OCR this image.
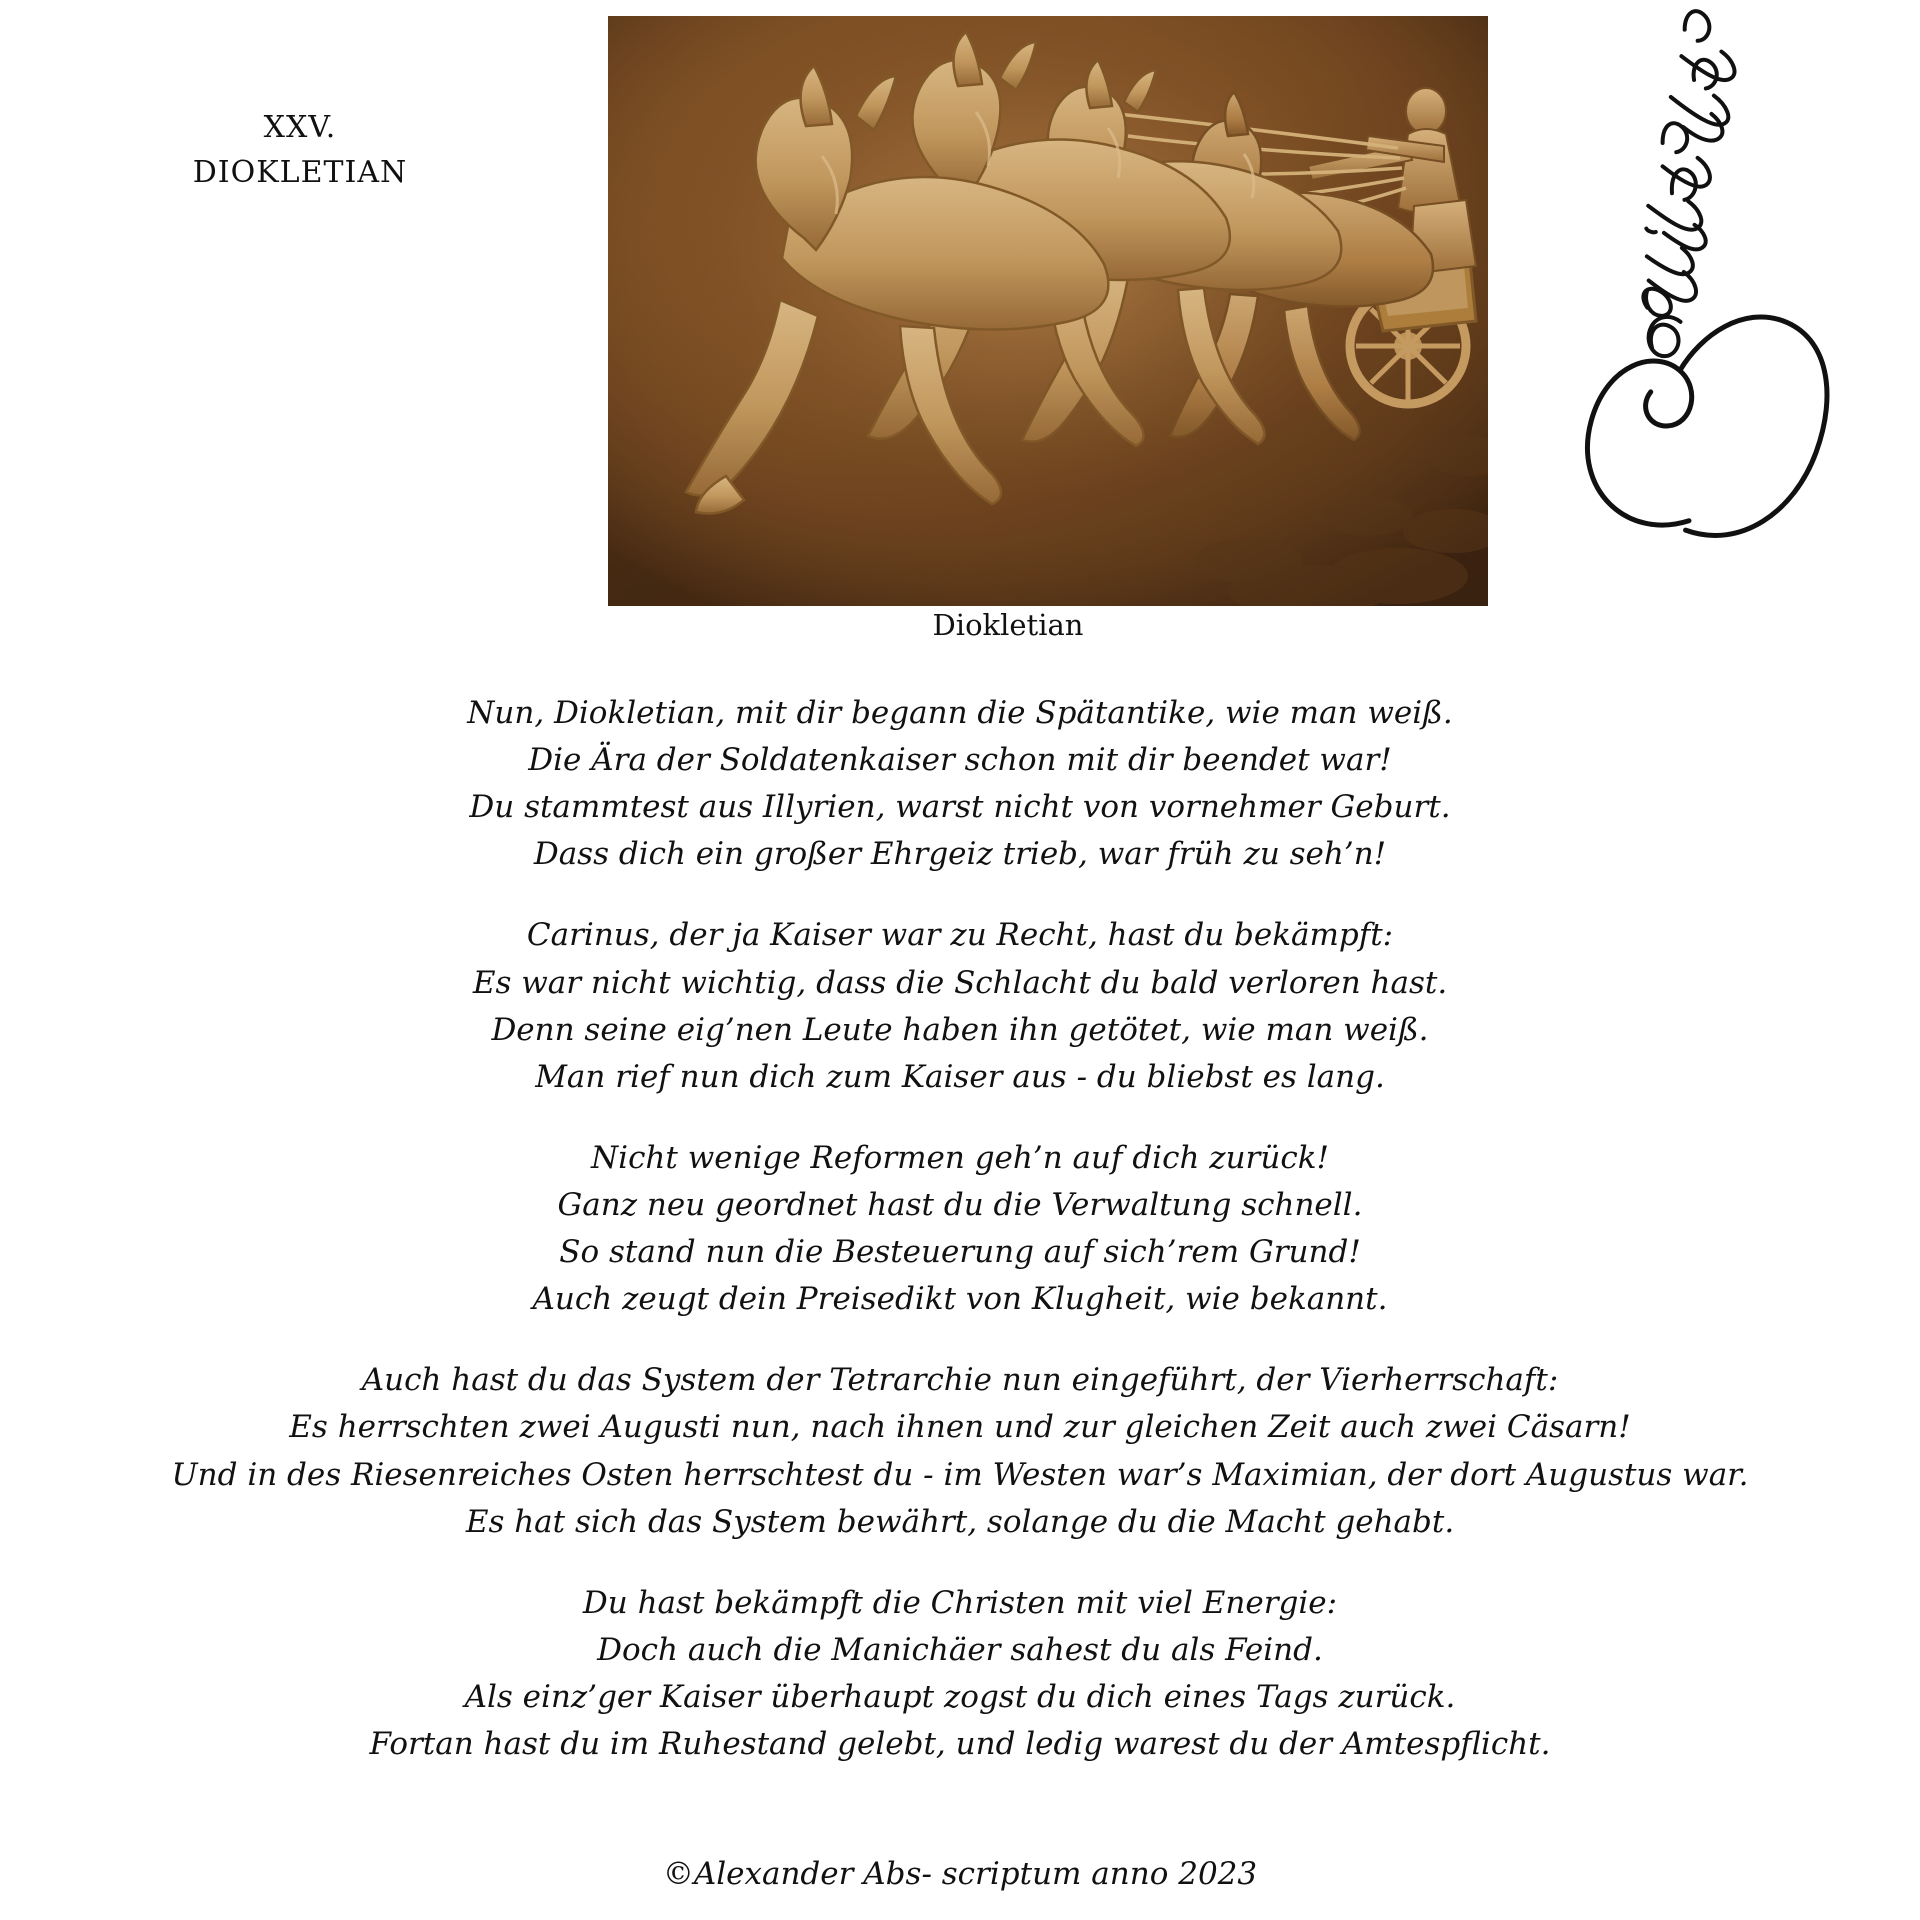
XXV.
DIOKLETIAN
Diokletian
Nun, Diokletian, mit dir begann die Spätantike, wie man weiß.
Die Ära der Soldatenkaiser schon mit dir beendet war!
Du stammtest aus Illyrien, warst nicht von vornehmer Geburt.
Dass dich ein großer Ehrgeiz trieb, war früh zu seh’n!
Carinus, der ja Kaiser war zu Recht, hast du bekämpft:
Es war nicht wichtig, dass die Schlacht du bald verloren hast.
Denn seine eig’nen Leute haben ihn getötet, wie man weiß.
Man rief nun dich zum Kaiser aus - du bliebst es lang.
Nicht wenige Reformen geh’n auf dich zurück!
Ganz neu geordnet hast du die Verwaltung schnell.
So stand nun die Besteuerung auf sich’rem Grund!
Auch zeugt dein Preisedikt von Klugheit, wie bekannt.
Auch hast du das System der Tetrarchie nun eingeführt, der Vierherrschaft:
Es herrschten zwei Augusti nun, nach ihnen und zur gleichen Zeit auch zwei Cäsarn!
Und in des Riesenreiches Osten herrschtest du - im Westen war’s Maximian, der dort Augustus war.
Es hat sich das System bewährt, solange du die Macht gehabt.
Du hast bekämpft die Christen mit viel Energie:
Doch auch die Manichäer sahest du als Feind.
Als einz’ger Kaiser überhaupt zogst du dich eines Tags zurück.
Fortan hast du im Ruhestand gelebt, und ledig warest du der Amtespflicht.
©Alexander Abs- scriptum anno 2023
